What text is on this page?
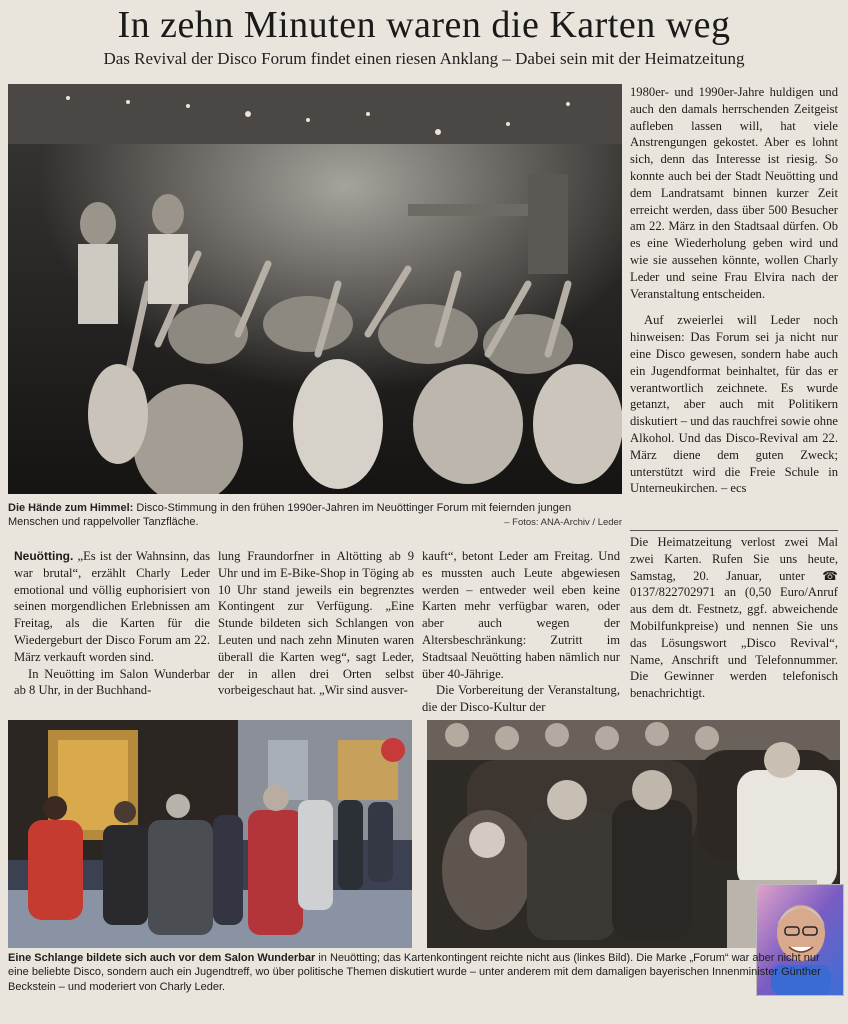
In zehn Minuten waren die Karten weg
Das Revival der Disco Forum findet einen riesen Anklang – Dabei sein mit der Heimatzeitung
Die Hände zum Himmel: Disco-Stimmung in den frühen 1990er-Jahren im Neuöttinger Forum mit feiernden jungen Menschen und rappelvoller Tanzfläche.	– Fotos: ANA-Archiv / Leder

1980er- und 1990er-Jahre huldigen und auch den damals herrschenden Zeitgeist aufleben lassen will, hat viele Anstrengungen gekostet. Aber es lohnt sich, denn das Interesse ist riesig. So konnte auch bei der Stadt Neuötting und dem Landratsamt binnen kurzer Zeit erreicht werden, dass über 500 Besucher am 22. März in den Stadtsaal dürfen. Ob es eine Wiederholung geben wird und wie sie aussehen könnte, wollen Charly Leder und seine Frau Elvira nach der Veranstaltung entscheiden.

Auf zweierlei will Leder noch hinweisen: Das Forum sei ja nicht nur eine Disco gewesen, sondern habe auch ein Jugendformat beinhaltet, für das er verantwortlich zeichnete. Es wurde getanzt, aber auch mit Politikern diskutiert – und das rauchfrei sowie ohne Alkohol. Und das Disco-Revival am 22. März diene dem guten Zweck; unterstützt wird die Freie Schule in Unterneukirchen. – ecs

Die Heimatzeitung verlost zwei Mal zwei Karten. Rufen Sie uns heute, Samstag, 20. Januar, unter ☎ 0137/822702971 an (0,50 Euro/Anruf aus dem dt. Festnetz, ggf. abweichende Mobilfunkpreise) und nennen Sie uns das Lösungswort „Disco Revival“, Name, Anschrift und Telefonnummer. Die Gewinner werden telefonisch benachrichtigt.

Neuötting. „Es ist der Wahnsinn, das war brutal“, erzählt Charly Leder emotional und völlig euphorisiert von seinen morgendlichen Erlebnissen am Freitag, als die Karten für die Wiedergeburt der Disco Forum am 22. März verkauft worden sind.

In Neuötting im Salon Wunderbar ab 8 Uhr, in der Buchhand-

lung Fraundorfner in Altötting ab 9 Uhr und im E-Bike-Shop in Töging ab 10 Uhr stand jeweils ein begrenztes Kontingent zur Verfügung. „Eine Stunde bildeten sich Schlangen von Leuten und nach zehn Minuten waren überall die Karten weg“, sagt Leder, der in allen drei Orten selbst vorbeigeschaut hat. „Wir sind ausver-

kauft“, betont Leder am Freitag. Und es mussten auch Leute abgewiesen werden – entweder weil eben keine Karten mehr verfügbar waren, oder aber auch wegen der Altersbeschränkung: Zutritt im Stadtsaal Neuötting haben nämlich nur über 40-Jährige.

Die Vorbereitung der Veranstaltung, die der Disco-Kultur der

Eine Schlange bildete sich auch vor dem Salon Wunderbar in Neuötting; das Kartenkontingent reichte nicht aus (linkes Bild). Die Marke „Forum“ war aber nicht nur eine beliebte Disco, sondern auch ein Jugendtreff, wo über politische Themen diskutiert wurde – unter anderem mit dem damaligen bayerischen Innenminister Günther Beckstein – und moderiert von Charly Leder.
